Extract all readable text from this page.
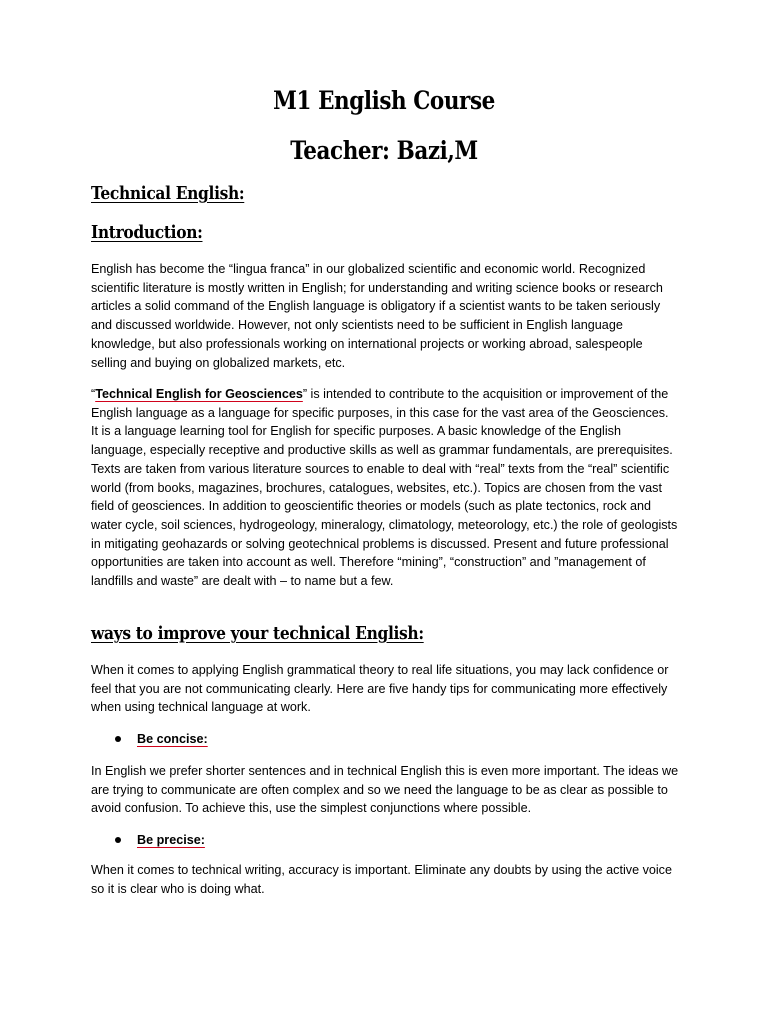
M1 English Course
Teacher: Bazi,M
Technical English:
Introduction:

English has become the “lingua franca” in our globalized scientific and economic world. Recognized scientific literature is mostly written in English; for understanding and writing science books or research articles a solid command of the English language is obligatory if a scientist wants to be taken seriously and discussed worldwide. However, not only scientists need to be sufficient in English language knowledge, but also professionals working on international projects or working abroad, salespeople selling and buying on globalized markets, etc.

“Technical English for Geosciences” is intended to contribute to the acquisition or improvement of the English language as a language for specific purposes, in this case for the vast area of the Geosciences. It is a language learning tool for English for specific purposes. A basic knowledge of the English language, especially receptive and productive skills as well as grammar fundamentals, are prerequisites. Texts are taken from various literature sources to enable to deal with “real” texts from the “real” scientific world (from books, magazines, brochures, catalogues, websites, etc.). Topics are chosen from the vast field of geosciences. In addition to geoscientific theories or models (such as plate tectonics, rock and water cycle, soil sciences, hydrogeology, mineralogy, climatology, meteorology, etc.) the role of geologists in mitigating geohazards or solving geotechnical problems is discussed. Present and future professional opportunities are taken into account as well. Therefore “mining”, “construction” and ”management of landfills and waste” are dealt with – to name but a few.

ways to improve your technical English:

When it comes to applying English grammatical theory to real life situations, you may lack confidence or feel that you are not communicating clearly. Here are five handy tips for communicating more effectively when using technical language at work.

Be concise:

In English we prefer shorter sentences and in technical English this is even more important. The ideas we are trying to communicate are often complex and so we need the language to be as clear as possible to avoid confusion. To achieve this, use the simplest conjunctions where possible.

Be precise:

When it comes to technical writing, accuracy is important. Eliminate any doubts by using the active voice so it is clear who is doing what.
